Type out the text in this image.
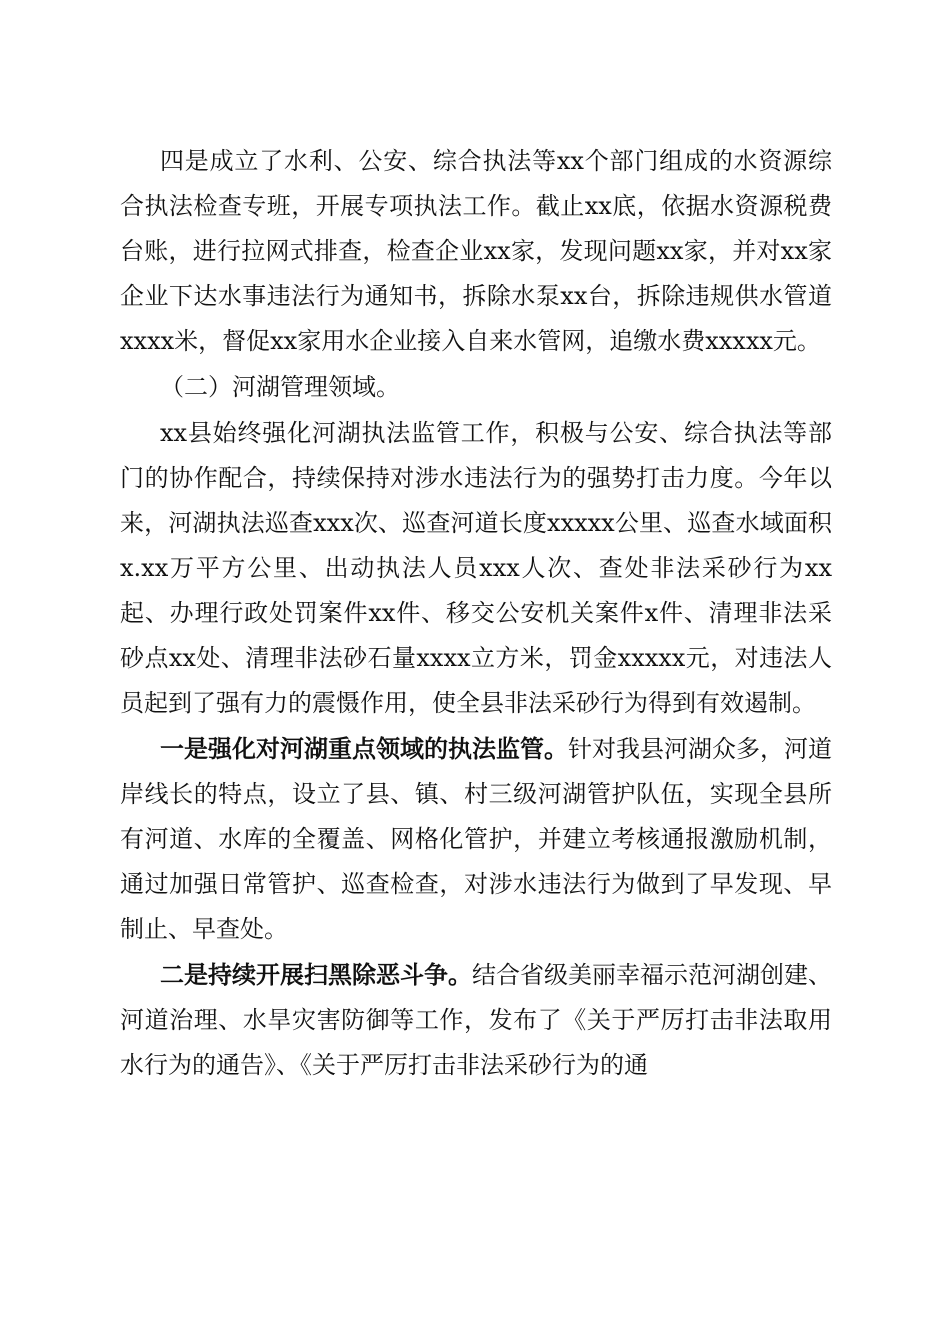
四是成立了水利、公安、综合执法等xx个部门组成的水资源综合执法检查专班，开展专项执法工作。截止xx底，依据水资源税费台账，进行拉网式排查，检查企业xx家，发现问题xx家，并对xx家企业下达水事违法行为通知书，拆除水泵xx台，拆除违规供水管道xxxx米，督促xx家用水企业接入自来水管网，追缴水费xxxxx元。

（二）河湖管理领域。

xx县始终强化河湖执法监管工作，积极与公安、综合执法等部门的协作配合，持续保持对涉水违法行为的强势打击力度。今年以来，河湖执法巡查xxx次、巡查河道长度xxxxx公里、巡查水域面积x.xx万平方公里、出动执法人员xxx人次、查处非法采砂行为xx起、办理行政处罚案件xx件、移交公安机关案件x件、清理非法采砂点xx处、清理非法砂石量xxxx立方米，罚金xxxxx元，对违法人员起到了强有力的震慑作用，使全县非法采砂行为得到有效遏制。

一是强化对河湖重点领域的执法监管。针对我县河湖众多，河道岸线长的特点，设立了县、镇、村三级河湖管护队伍，实现全县所有河道、水库的全覆盖、网格化管护，并建立考核通报激励机制，通过加强日常管护、巡查检查，对涉水违法行为做到了早发现、早制止、早查处。

二是持续开展扫黑除恶斗争。结合省级美丽幸福示范河湖创建、河道治理、水旱灾害防御等工作，发布了《关于严厉打击非法取用水行为的通告》、《关于严厉打击非法采砂行为的通
